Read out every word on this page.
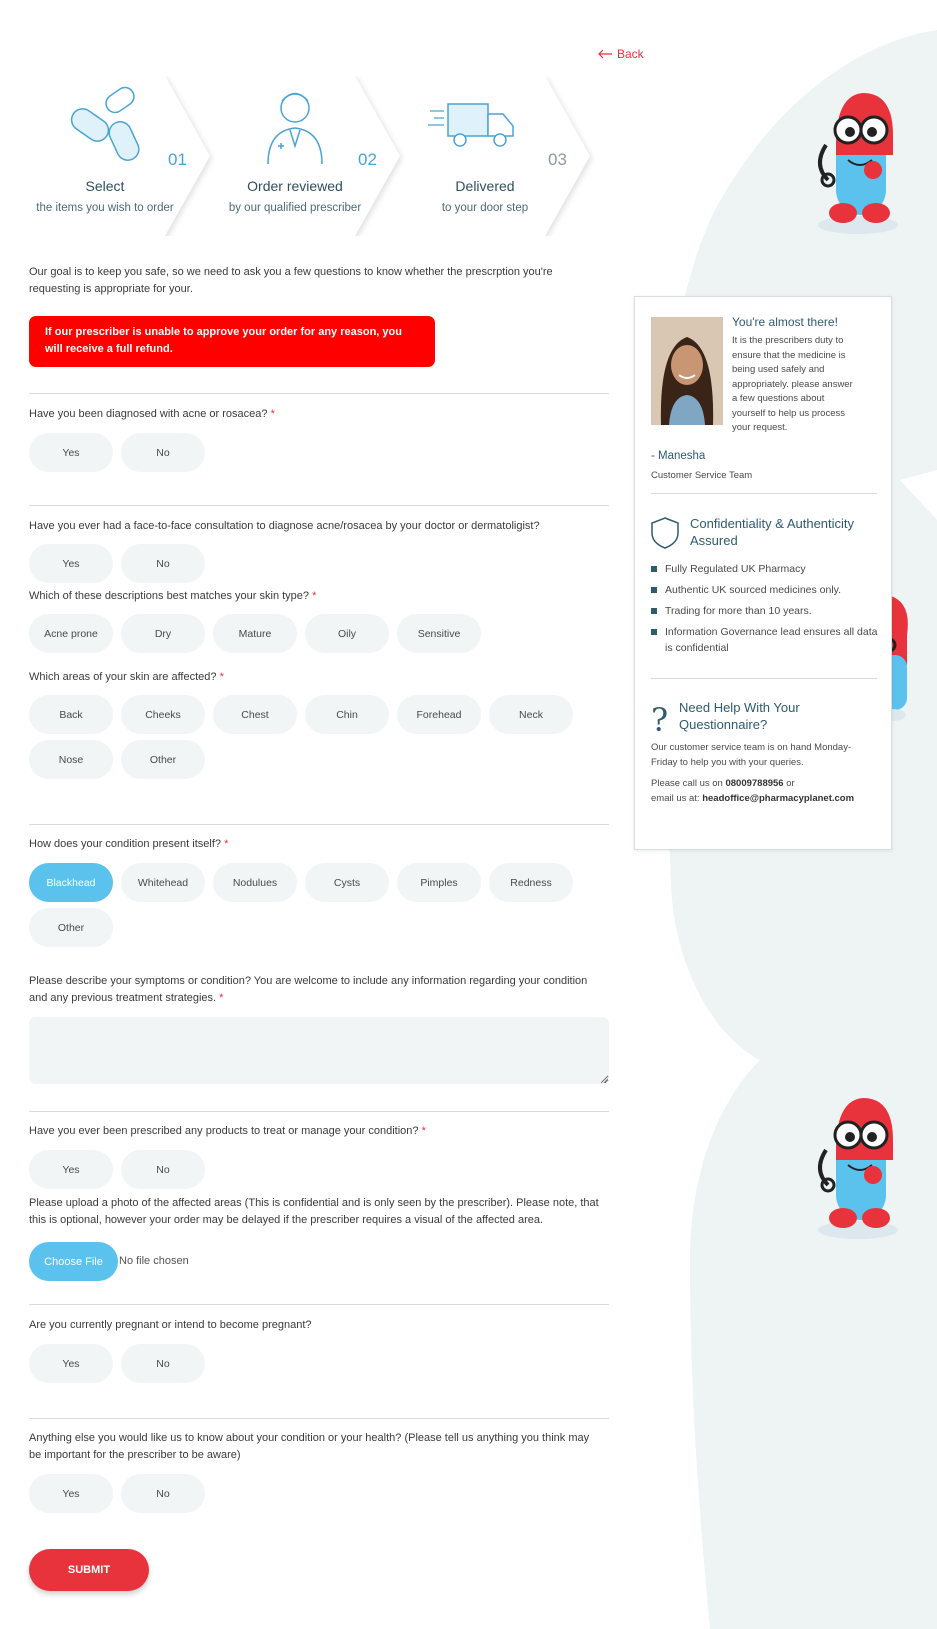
Back
01
Select
the items you wish to order
02
Order reviewed
by our qualified prescriber
03
Delivered
to your door step
Our goal is to keep you safe, so we need to ask you a few questions to know whether the prescrption you're requesting is appropriate for your.
If our prescriber is unable to approve your order for any reason, you will receive a full refund.
Have you been diagnosed with acne or rosacea? *
Yes	No
Have you ever had a face-to-face consultation to diagnose acne/rosacea by your doctor or dermatoligist?
Yes	No
Which of these descriptions best matches your skin type? *
Acne prone	Dry	Mature	Oily	Sensitive
Which areas of your skin are affected? *
Back	Cheeks	Chest	Chin	Forehead	Neck
Nose	Other
How does your condition present itself? *
Blackhead	Whitehead	Nodulues	Cysts	Pimples	Redness
Other
Please describe your symptoms or condition? You are welcome to include any information regarding your condition and any previous treatment strategies. *
Have you ever been prescribed any products to treat or manage your condition? *
Yes	No
Please upload a photo of the affected areas (This is confidential and is only seen by the prescriber). Please note, that this is optional, however your order may be delayed if the prescriber requires a visual of the affected area.
Choose File	No file chosen
Are you currently pregnant or intend to become pregnant?
Yes	No
Anything else you would like us to know about your condition or your health? (Please tell us anything you think may be important for the prescriber to be aware)
Yes	No
SUBMIT
You're almost there!
It is the prescribers duty to ensure that the medicine is being used safely and appropriately. please answer a few questions about yourself to help us process your request.
- Manesha
Customer Service Team
Confidentiality & Authenticity Assured
Fully Regulated UK Pharmacy
Authentic UK sourced medicines only.
Trading for more than 10 years.
Information Governance lead ensures all data is confidential
? Need Help With Your Questionnaire?
Our customer service team is on hand Monday-Friday to help you with your queries.
Please call us on 08009788956 or
email us at: headoffice@pharmacyplanet.com
